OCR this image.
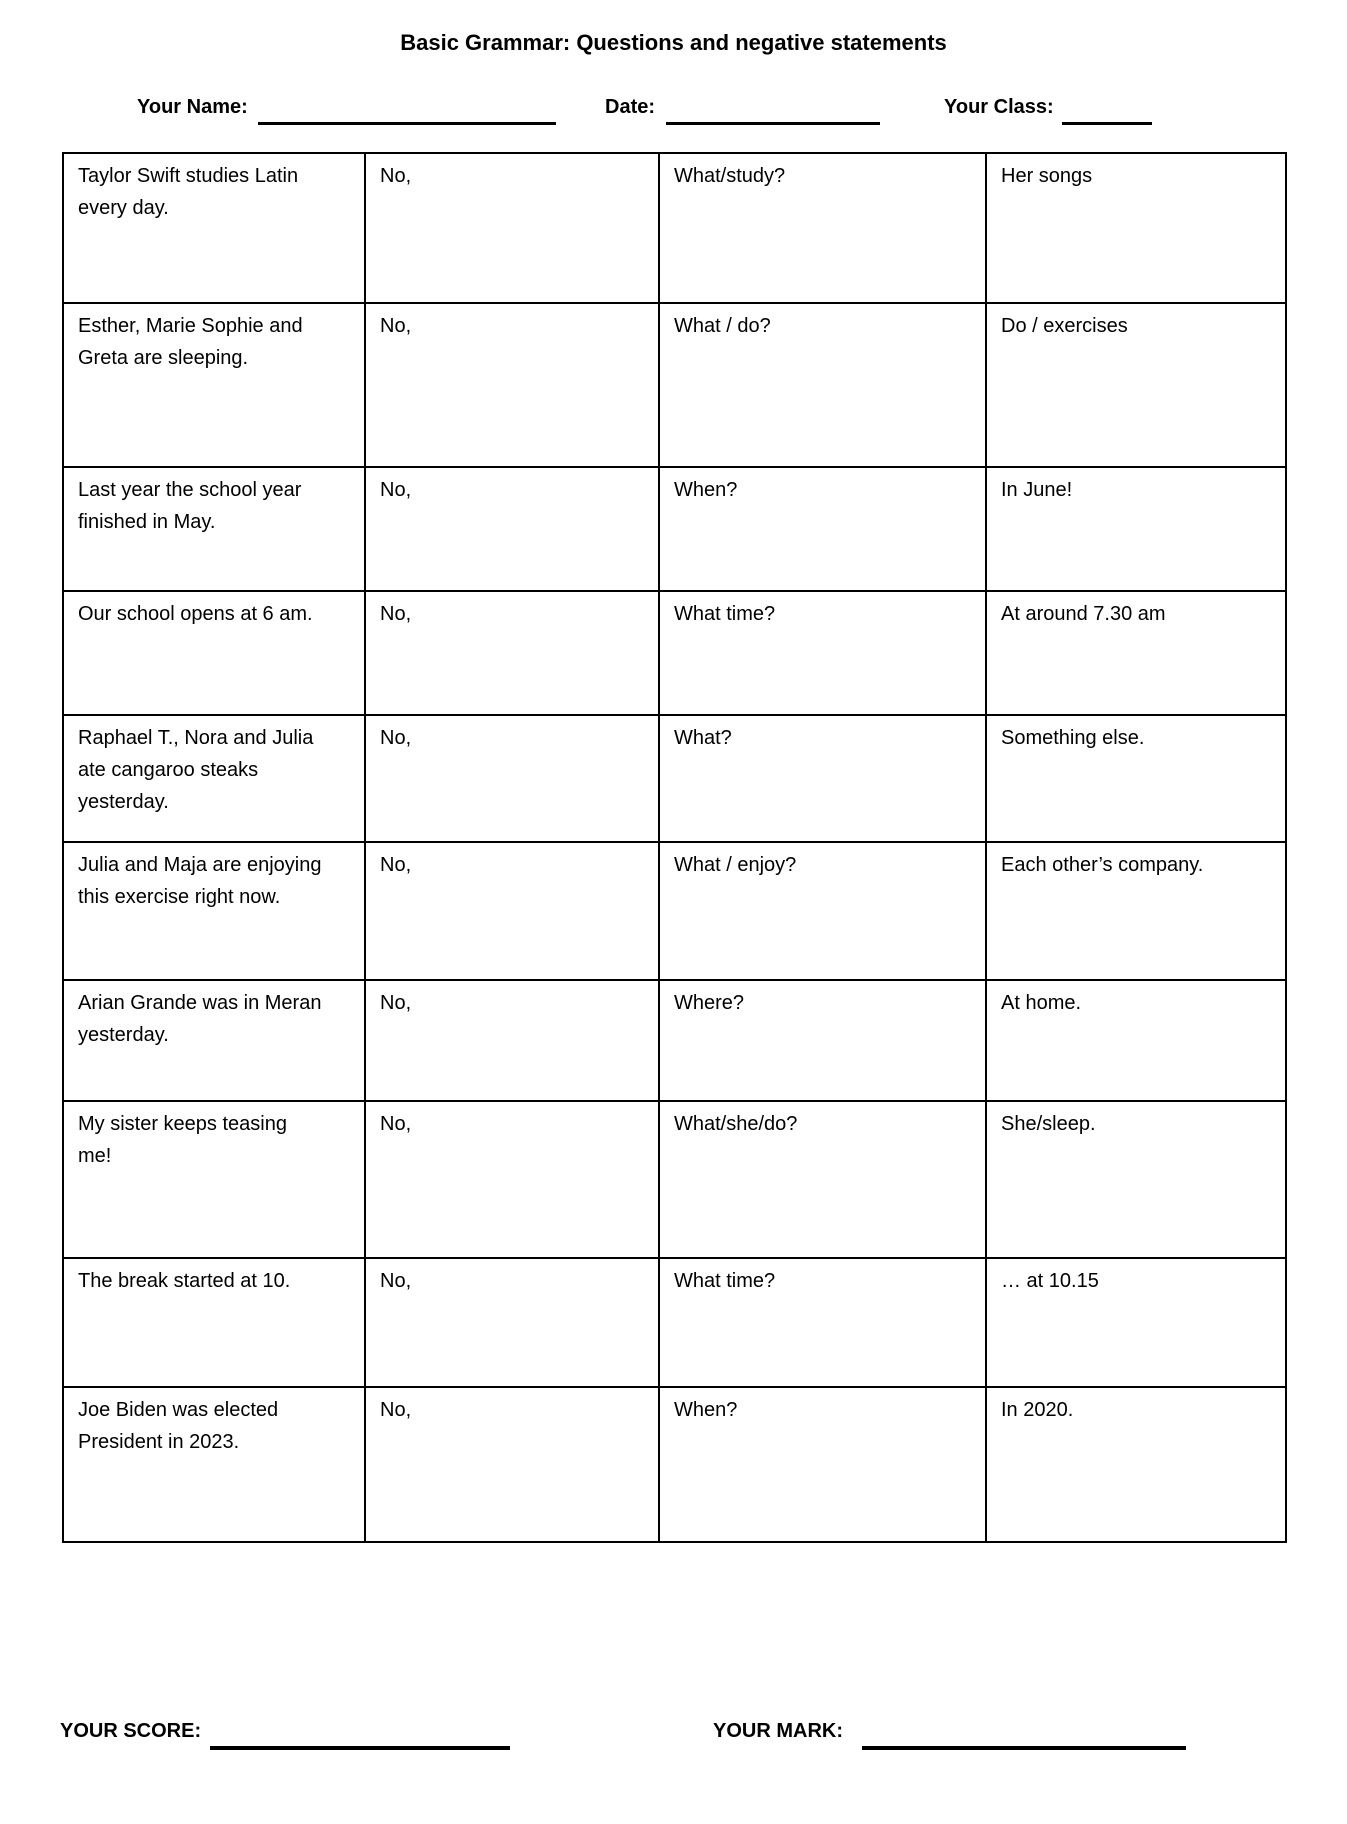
Basic Grammar: Questions and negative statements
Your Name:	Date:	Your Class:
Taylor Swift studies Latin every day.	No,	What/study?	Her songs
Esther, Marie Sophie and Greta are sleeping.	No,	What / do?	Do / exercises
Last year the school year finished in May.	No,	When?	In June!
Our school opens at 6 am.	No,	What time?	At around 7.30 am
Raphael T., Nora and Julia ate cangaroo steaks yesterday.	No,	What?	Something else.
Julia and Maja are enjoying this exercise right now.	No,	What / enjoy?	Each other’s company.
Arian Grande was in Meran yesterday.	No,	Where?	At home.
My sister keeps teasing me!	No,	What/she/do?	She/sleep.
The break started at 10.	No,	What time?	… at 10.15
Joe Biden was elected President in 2023.	No,	When?	In 2020.
YOUR SCORE:	YOUR MARK:
